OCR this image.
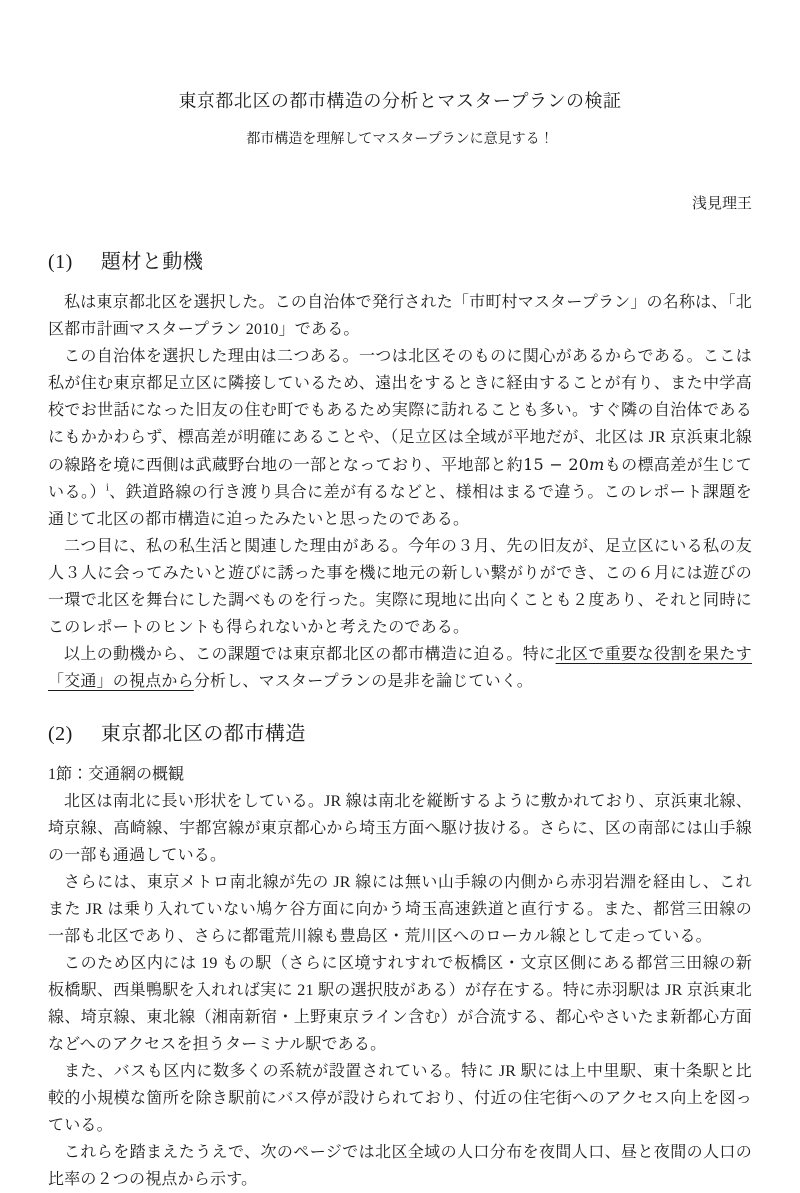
東京都北区の都市構造の分析とマスタープランの検証

都市構造を理解してマスタープランに意見する！

浅見理王

(1) 題材と動機

私は東京都北区を選択した。この自治体で発行された「市町村マスタープラン」の名称は、「北区都市計画マスタープラン 2010」である。

この自治体を選択した理由は二つある。一つは北区そのものに関心があるからである。ここは私が住む東京都足立区に隣接しているため、遠出をするときに経由することが有り、また中学高校でお世話になった旧友の住む町でもあるため実際に訪れることも多い。すぐ隣の自治体であるにもかかわらず、標高差が明確にあることや、（足立区は全域が平地だが、北区は JR 京浜東北線の線路を境に西側は武蔵野台地の一部となっており、平地部と約15 − 20mもの標高差が生じている。）$^i$、鉄道路線の行き渡り具合に差が有るなどと、様相はまるで違う。このレポート課題を通じて北区の都市構造に迫ったみたいと思ったのである。

二つ目に、私の私生活と関連した理由がある。今年の３月、先の旧友が、足立区にいる私の友人３人に会ってみたいと遊びに誘った事を機に地元の新しい繋がりができ、この６月には遊びの一環で北区を舞台にした調べものを行った。実際に現地に出向くことも２度あり、それと同時にこのレポートのヒントも得られないかと考えたのである。

以上の動機から、この課題では東京都北区の都市構造に迫る。特に北区で重要な役割を果たす「交通」の視点から分析し、マスタープランの是非を論じていく。

(2) 東京都北区の都市構造

1節：交通網の概観

北区は南北に長い形状をしている。JR 線は南北を縦断するように敷かれており、京浜東北線、埼京線、高崎線、宇都宮線が東京都心から埼玉方面へ駆け抜ける。さらに、区の南部には山手線の一部も通過している。

さらには、東京メトロ南北線が先の JR 線には無い山手線の内側から赤羽岩淵を経由し、これまた JR は乗り入れていない鳩ケ谷方面に向かう埼玉高速鉄道と直行する。また、都営三田線の一部も北区であり、さらに都電荒川線も豊島区・荒川区へのローカル線として走っている。

このため区内には 19 もの駅（さらに区境すれすれで板橋区・文京区側にある都営三田線の新板橋駅、西巣鴨駅を入れれば実に 21 駅の選択肢がある）が存在する。特に赤羽駅は JR 京浜東北線、埼京線、東北線（湘南新宿・上野東京ライン含む）が合流する、都心やさいたま新都心方面などへのアクセスを担うターミナル駅である。

また、バスも区内に数多くの系統が設置されている。特に JR 駅には上中里駅、東十条駅と比較的小規模な箇所を除き駅前にバス停が設けられており、付近の住宅街へのアクセス向上を図っている。

これらを踏まえたうえで、次のページでは北区全域の人口分布を夜間人口、昼と夜間の人口の比率の２つの視点から示す。
